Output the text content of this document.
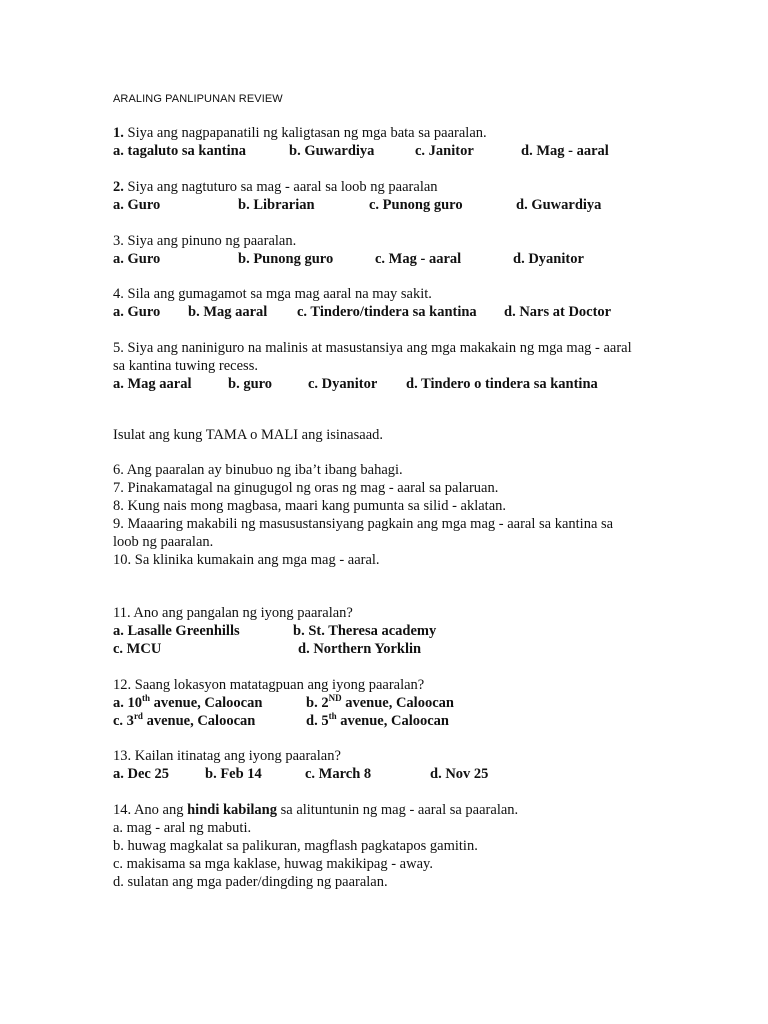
ARALING PANLIPUNAN REVIEW
1. Siya ang nagpapanatili ng kaligtasan ng mga bata sa paaralan.
a. tagaluto sa kantina	b. Guwardiya	c. Janitor	d. Mag - aaral
2. Siya ang nagtuturo sa mag - aaral sa loob ng paaralan
a. Guro	b. Librarian	c. Punong guro	d. Guwardiya
3. Siya ang pinuno ng paaralan.
a. Guro	b. Punong guro	c. Mag - aaral	d. Dyanitor
4. Sila ang gumagamot sa mga mag aaral na may sakit.
a. Guro b. Mag aaral c. Tindero/tindera sa kantina d. Nars at Doctor
5. Siya ang naniniguro na malinis at masustansiya ang mga makakain ng mga mag - aaral
sa kantina tuwing recess.
a. Mag aaral	b. guro c. Dyanitor d. Tindero o tindera sa kantina
Isulat ang kung TAMA o MALI ang isinasaad.
6. Ang paaralan ay binubuo ng iba’t ibang bahagi.
7. Pinakamatagal na ginugugol ng oras ng mag - aaral sa palaruan.
8. Kung nais mong magbasa, maari kang pumunta sa silid - aklatan.
9. Maaaring makabili ng masusustansiyang pagkain ang mga mag - aaral sa kantina sa
loob ng paaralan.
10. Sa klinika kumakain ang mga mag - aaral.
11. Ano ang pangalan ng iyong paaralan?
a. Lasalle Greenhills	b. St. Theresa academy
c. MCU	d. Northern Yorklin
12. Saang lokasyon matatagpuan ang iyong paaralan?
a. 10th avenue, Caloocan	b. 2ND avenue, Caloocan
c. 3rd avenue, Caloocan	d. 5th avenue, Caloocan
13. Kailan itinatag ang iyong paaralan?
a. Dec 25 b. Feb 14	c. March 8	d. Nov 25
14. Ano ang hindi kabilang sa alituntunin ng mag - aaral sa paaralan.
a. mag - aral ng mabuti.
b. huwag magkalat sa palikuran, magflash pagkatapos gamitin.
c. makisama sa mga kaklase, huwag makikipag - away.
d. sulatan ang mga pader/dingding ng paaralan.
